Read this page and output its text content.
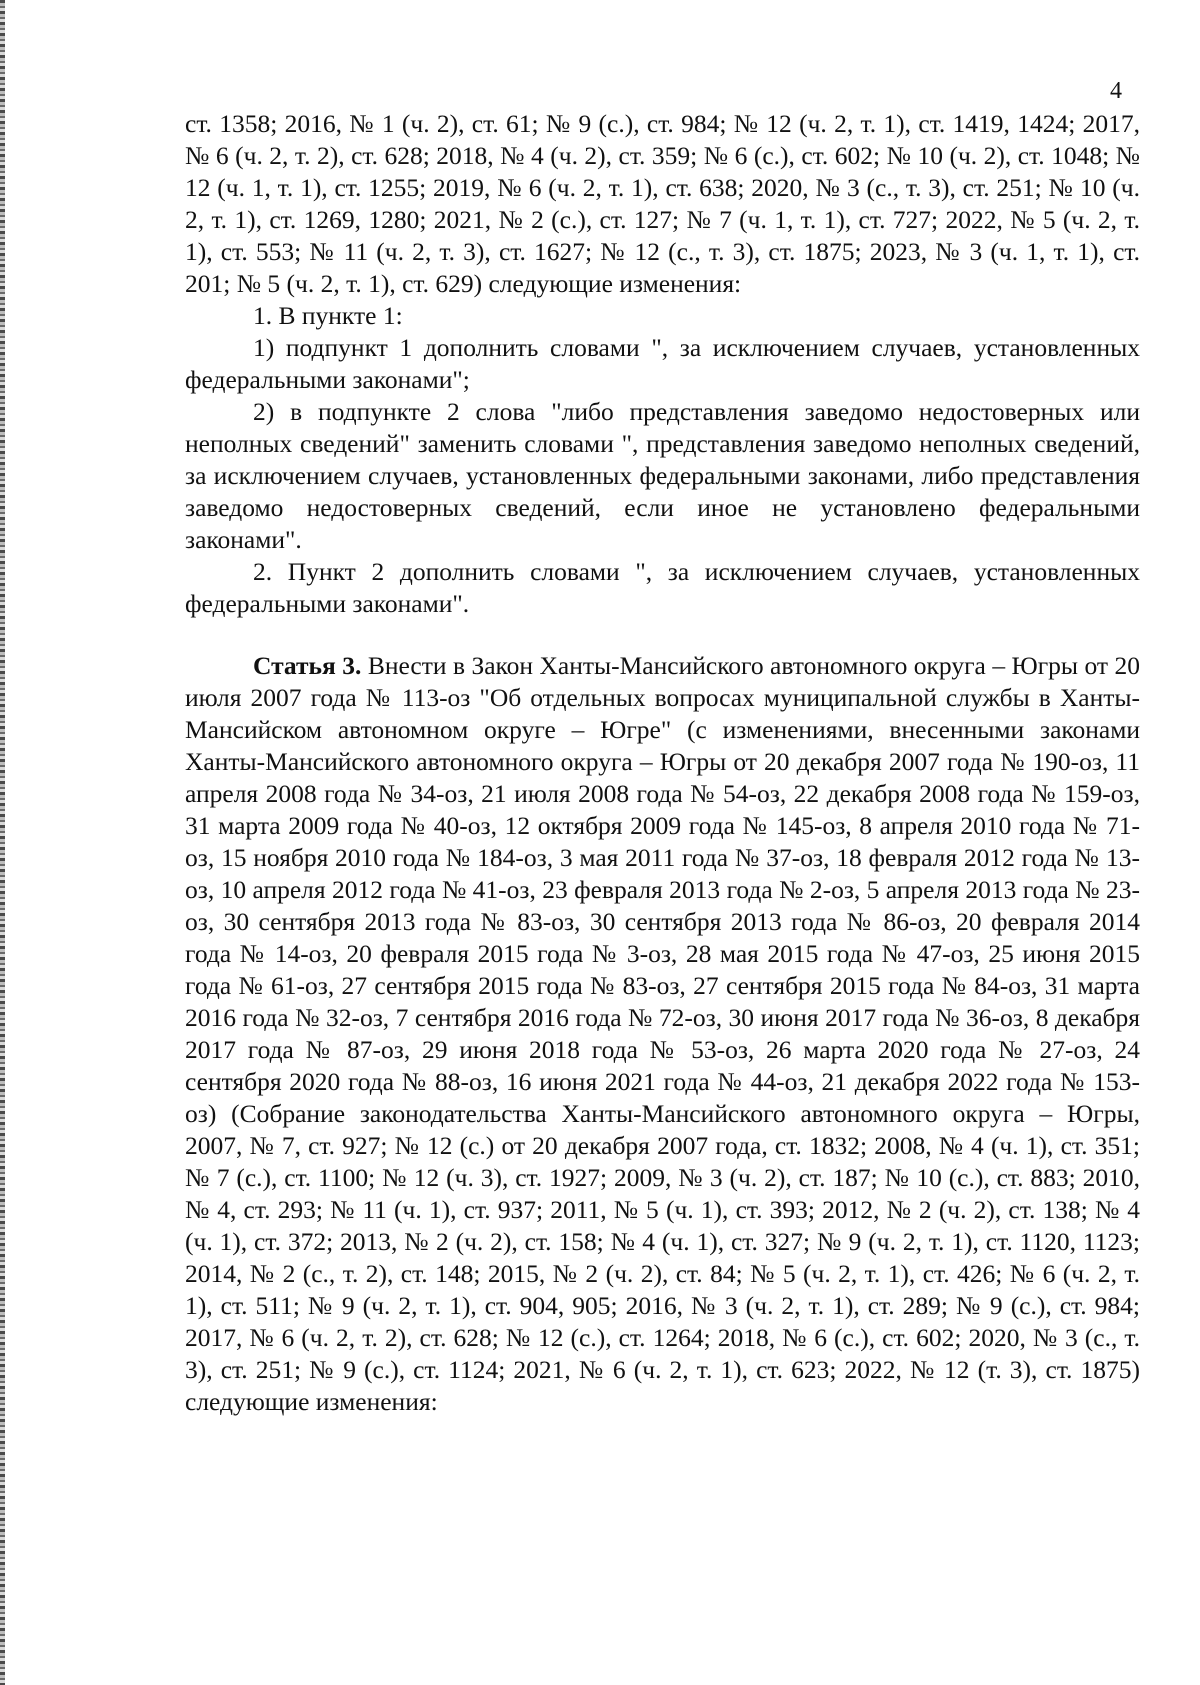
4

ст. 1358; 2016, № 1 (ч. 2), ст. 61; № 9 (с.), ст. 984; № 12 (ч. 2, т. 1), ст. 1419, 1424; 2017, № 6 (ч. 2, т. 2), ст. 628; 2018, № 4 (ч. 2), ст. 359; № 6 (с.), ст. 602; № 10 (ч. 2), ст. 1048; № 12 (ч. 1, т. 1), ст. 1255; 2019, № 6 (ч. 2, т. 1), ст. 638; 2020, № 3 (с., т. 3), ст. 251; № 10 (ч. 2, т. 1), ст. 1269, 1280; 2021, № 2 (с.), ст. 127; № 7 (ч. 1, т. 1), ст. 727; 2022, № 5 (ч. 2, т. 1), ст. 553; № 11 (ч. 2, т. 3), ст. 1627; № 12 (с., т. 3), ст. 1875; 2023, № 3 (ч. 1, т. 1), ст. 201; № 5 (ч. 2, т. 1), ст. 629) следующие изменения:

1. В пункте 1:

1) подпункт 1 дополнить словами ", за исключением случаев, установленных федеральными законами";

2) в подпункте 2 слова "либо представления заведомо недостоверных или неполных сведений" заменить словами ", представления заведомо неполных сведений, за исключением случаев, установленных федеральными законами, либо представления заведомо недостоверных сведений, если иное не установлено федеральными законами".

2. Пункт 2 дополнить словами ", за исключением случаев, установленных федеральными законами".

Статья 3. Внести в Закон Ханты-Мансийского автономного округа – Югры от 20 июля 2007 года № 113-оз "Об отдельных вопросах муниципальной службы в Ханты-Мансийском автономном округе – Югре" (с изменениями, внесенными законами Ханты-Мансийского автономного округа – Югры от 20 декабря 2007 года № 190-оз, 11 апреля 2008 года № 34-оз, 21 июля 2008 года № 54-оз, 22 декабря 2008 года № 159-оз, 31 марта 2009 года № 40-оз, 12 октября 2009 года № 145-оз, 8 апреля 2010 года № 71-оз, 15 ноября 2010 года № 184-оз, 3 мая 2011 года № 37-оз, 18 февраля 2012 года № 13-оз, 10 апреля 2012 года № 41-оз, 23 февраля 2013 года № 2-оз, 5 апреля 2013 года № 23-оз, 30 сентября 2013 года № 83-оз, 30 сентября 2013 года № 86-оз, 20 февраля 2014 года № 14-оз, 20 февраля 2015 года № 3-оз, 28 мая 2015 года № 47-оз, 25 июня 2015 года № 61-оз, 27 сентября 2015 года № 83-оз, 27 сентября 2015 года № 84-оз, 31 марта 2016 года № 32-оз, 7 сентября 2016 года № 72-оз, 30 июня 2017 года № 36-оз, 8 декабря 2017 года № 87-оз, 29 июня 2018 года № 53-оз, 26 марта 2020 года № 27-оз, 24 сентября 2020 года № 88-оз, 16 июня 2021 года № 44-оз, 21 декабря 2022 года № 153-оз) (Собрание законодательства Ханты-Мансийского автономного округа – Югры, 2007, № 7, ст. 927; № 12 (с.) от 20 декабря 2007 года, ст. 1832; 2008, № 4 (ч. 1), ст. 351; № 7 (с.), ст. 1100; № 12 (ч. 3), ст. 1927; 2009, № 3 (ч. 2), ст. 187; № 10 (с.), ст. 883; 2010, № 4, ст. 293; № 11 (ч. 1), ст. 937; 2011, № 5 (ч. 1), ст. 393; 2012, № 2 (ч. 2), ст. 138; № 4 (ч. 1), ст. 372; 2013, № 2 (ч. 2), ст. 158; № 4 (ч. 1), ст. 327; № 9 (ч. 2, т. 1), ст. 1120, 1123; 2014, № 2 (с., т. 2), ст. 148; 2015, № 2 (ч. 2), ст. 84; № 5 (ч. 2, т. 1), ст. 426; № 6 (ч. 2, т. 1), ст. 511; № 9 (ч. 2, т. 1), ст. 904, 905; 2016, № 3 (ч. 2, т. 1), ст. 289; № 9 (с.), ст. 984; 2017, № 6 (ч. 2, т. 2), ст. 628; № 12 (с.), ст. 1264; 2018, № 6 (с.), ст. 602; 2020, № 3 (с., т. 3), ст. 251; № 9 (с.), ст. 1124; 2021, № 6 (ч. 2, т. 1), ст. 623; 2022, № 12 (т. 3), ст. 1875) следующие изменения:
